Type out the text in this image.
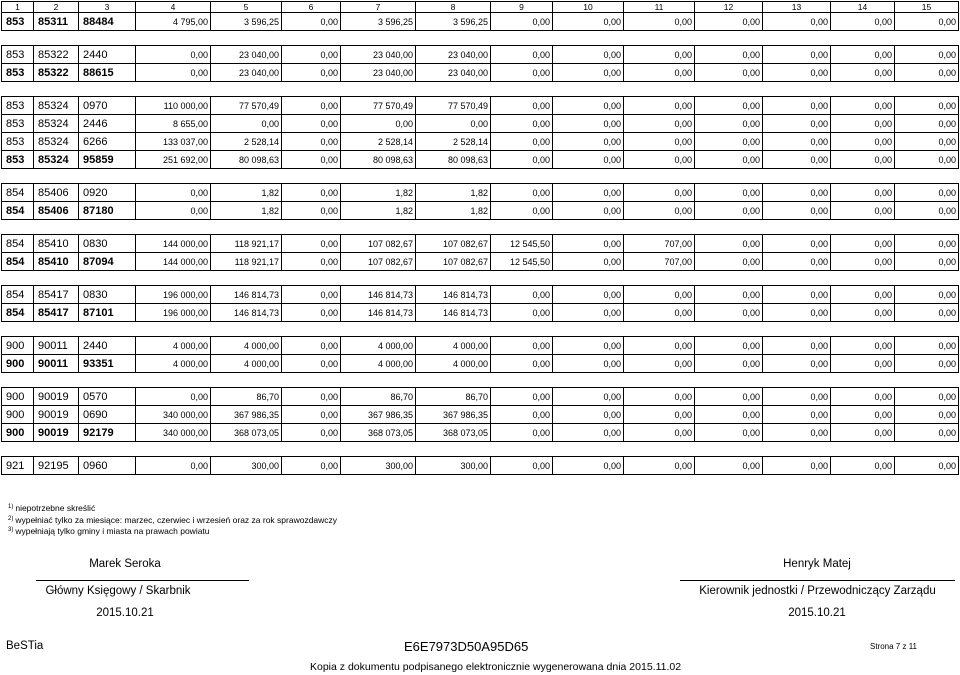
1	2	3	4	5	6	7	8	9	10	11	12	13	14	15
853	85311	88484	4 795,00	3 596,25	0,00	3 596,25	3 596,25	0,00	0,00	0,00	0,00	0,00	0,00	0,00

853	85322	2440	0,00	23 040,00	0,00	23 040,00	23 040,00	0,00	0,00	0,00	0,00	0,00	0,00	0,00
853	85322	88615	0,00	23 040,00	0,00	23 040,00	23 040,00	0,00	0,00	0,00	0,00	0,00	0,00	0,00

853	85324	0970	110 000,00	77 570,49	0,00	77 570,49	77 570,49	0,00	0,00	0,00	0,00	0,00	0,00	0,00
853	85324	2446	8 655,00	0,00	0,00	0,00	0,00	0,00	0,00	0,00	0,00	0,00	0,00	0,00
853	85324	6266	133 037,00	2 528,14	0,00	2 528,14	2 528,14	0,00	0,00	0,00	0,00	0,00	0,00	0,00
853	85324	95859	251 692,00	80 098,63	0,00	80 098,63	80 098,63	0,00	0,00	0,00	0,00	0,00	0,00	0,00

854	85406	0920	0,00	1,82	0,00	1,82	1,82	0,00	0,00	0,00	0,00	0,00	0,00	0,00
854	85406	87180	0,00	1,82	0,00	1,82	1,82	0,00	0,00	0,00	0,00	0,00	0,00	0,00

854	85410	0830	144 000,00	118 921,17	0,00	107 082,67	107 082,67	12 545,50	0,00	707,00	0,00	0,00	0,00	0,00
854	85410	87094	144 000,00	118 921,17	0,00	107 082,67	107 082,67	12 545,50	0,00	707,00	0,00	0,00	0,00	0,00

854	85417	0830	196 000,00	146 814,73	0,00	146 814,73	146 814,73	0,00	0,00	0,00	0,00	0,00	0,00	0,00
854	85417	87101	196 000,00	146 814,73	0,00	146 814,73	146 814,73	0,00	0,00	0,00	0,00	0,00	0,00	0,00

900	90011	2440	4 000,00	4 000,00	0,00	4 000,00	4 000,00	0,00	0,00	0,00	0,00	0,00	0,00	0,00
900	90011	93351	4 000,00	4 000,00	0,00	4 000,00	4 000,00	0,00	0,00	0,00	0,00	0,00	0,00	0,00

900	90019	0570	0,00	86,70	0,00	86,70	86,70	0,00	0,00	0,00	0,00	0,00	0,00	0,00
900	90019	0690	340 000,00	367 986,35	0,00	367 986,35	367 986,35	0,00	0,00	0,00	0,00	0,00	0,00	0,00
900	90019	92179	340 000,00	368 073,05	0,00	368 073,05	368 073,05	0,00	0,00	0,00	0,00	0,00	0,00	0,00

921	92195	0960	0,00	300,00	0,00	300,00	300,00	0,00	0,00	0,00	0,00	0,00	0,00	0,00
$^{1)}$ niepotrzebne skreślić
$^{2)}$ wypełniać tylko za miesiące: marzec, czerwiec i wrzesień oraz za rok sprawozdawczy
$^{3)}$ wypełniają tylko gminy i miasta na prawach powiatu
Marek Seroka
Główny Księgowy / Skarbnik
2015.10.21
Henryk Matej
Kierownik jednostki / Przewodniczący Zarządu
2015.10.21
BeSTia	E6E7973D50A95D65	Strona 7 z 11
Kopia z dokumentu podpisanego elektronicznie wygenerowana dnia 2015.11.02
